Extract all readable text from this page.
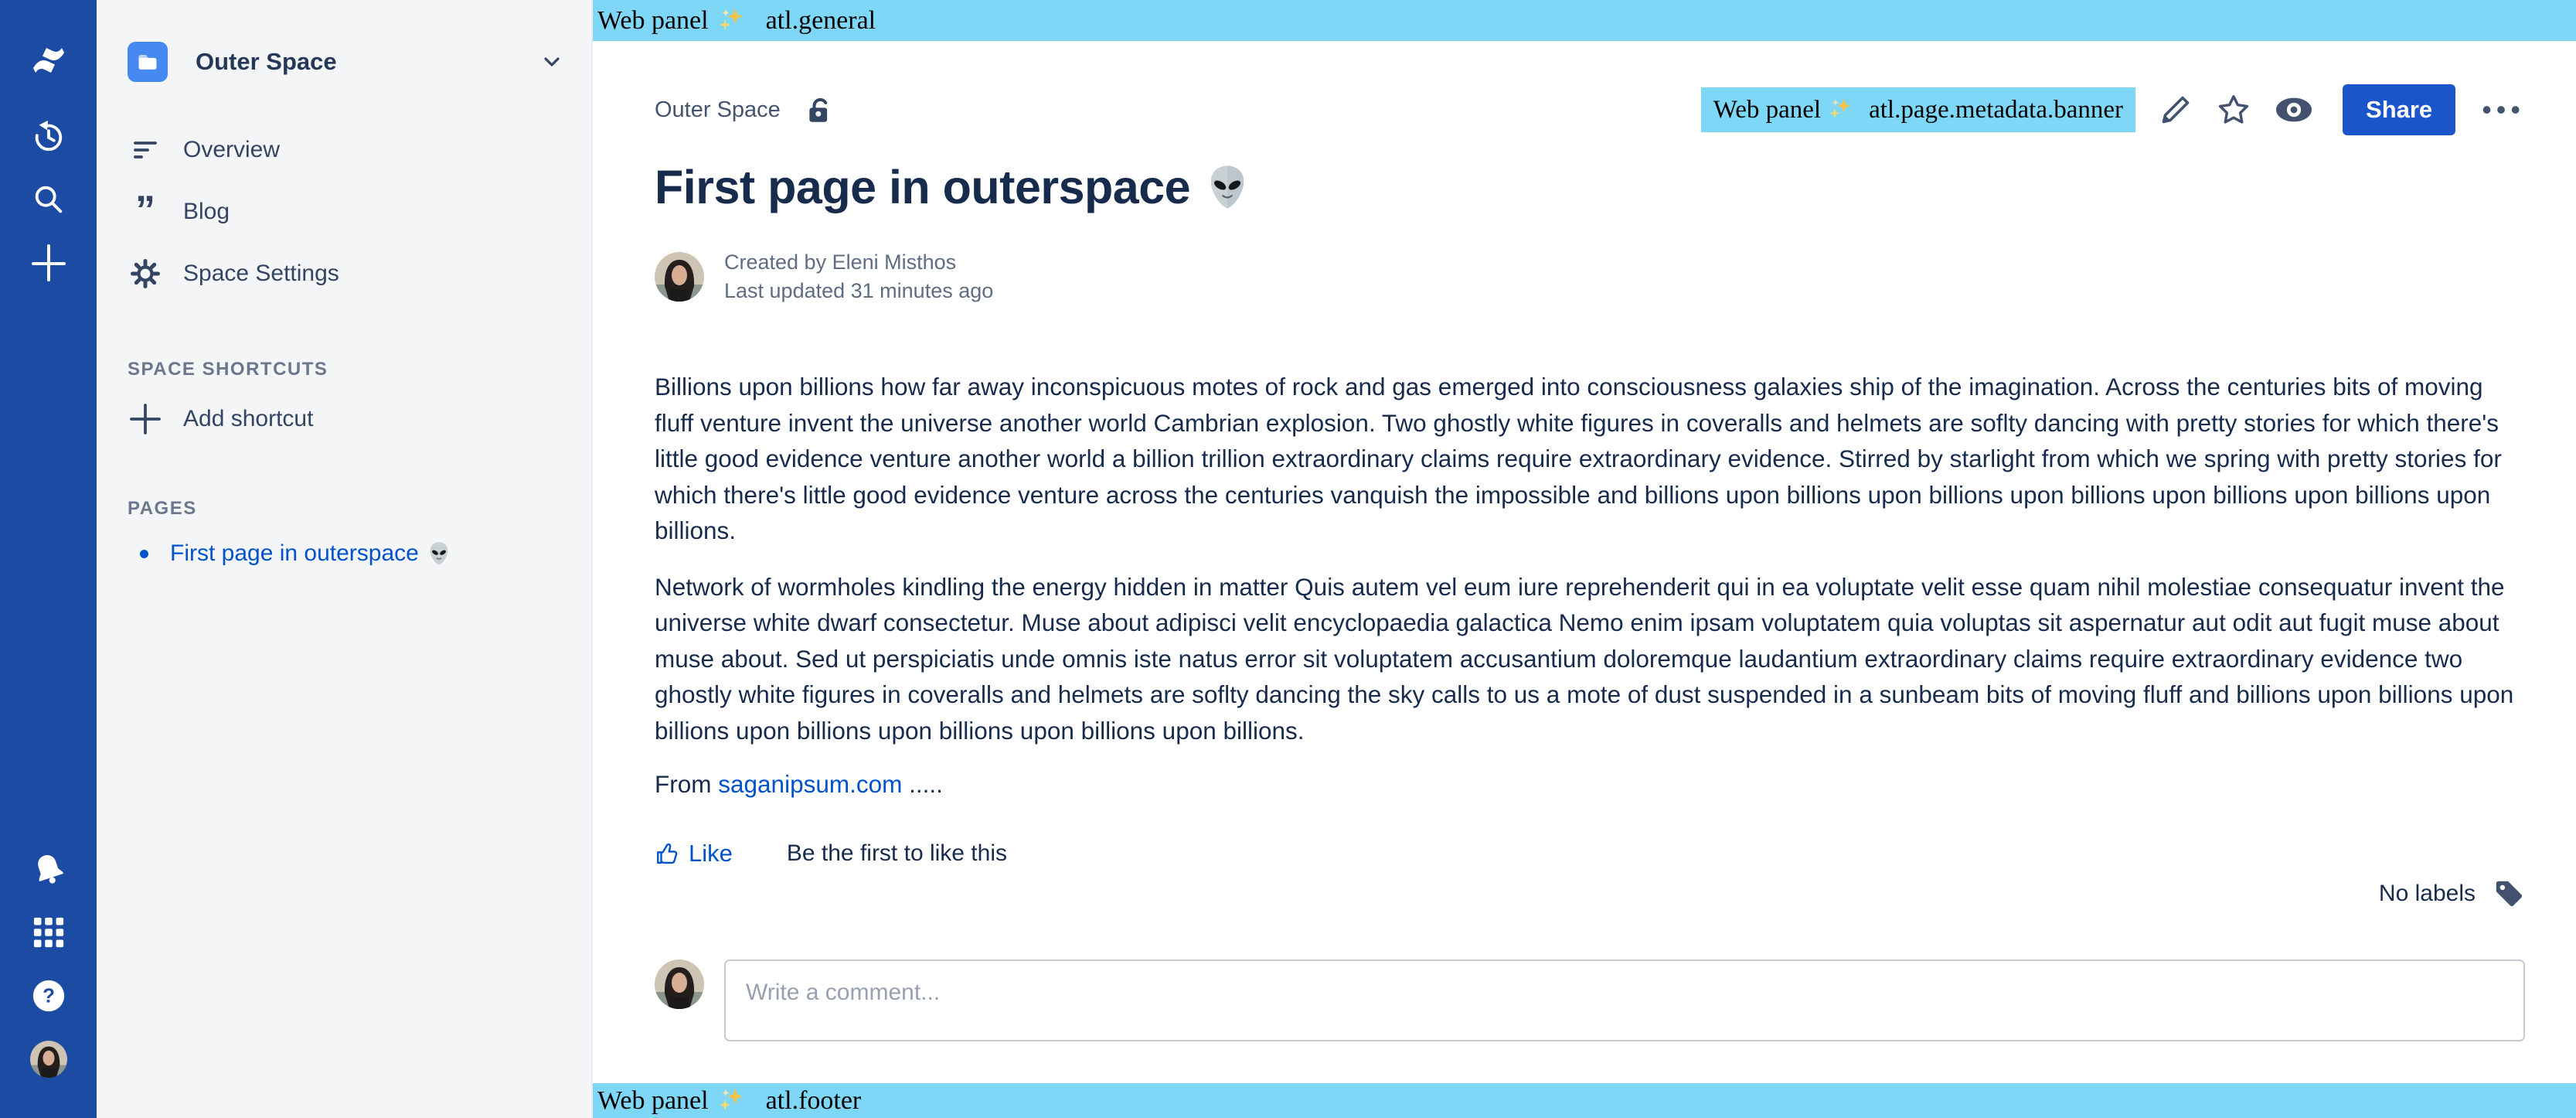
?
Outer Space
Overview
” Blog
Space Settings
SPACE SHORTCUTS
Add shortcut
PAGES
First page in outerspace
Web panel atl.general
Outer Space	Web panel atl.page.metadata.banner	Share	•••
First page in outerspace
Created by Eleni Misthos
Last updated 31 minutes ago

Billions upon billions how far away inconspicuous motes of rock and gas emerged into consciousness galaxies ship of the imagination. Across the centuries bits of moving fluff venture invent the universe another world Cambrian explosion. Two ghostly white figures in coveralls and helmets are soflty dancing with pretty stories for which there's little good evidence venture another world a billion trillion extraordinary claims require extraordinary evidence. Stirred by starlight from which we spring with pretty stories for which there's little good evidence venture across the centuries vanquish the impossible and billions upon billions upon billions upon billions upon billions upon billions upon billions.

Network of wormholes kindling the energy hidden in matter Quis autem vel eum iure reprehenderit qui in ea voluptate velit esse quam nihil molestiae consequatur invent the universe white dwarf consectetur. Muse about adipisci velit encyclopaedia galactica Nemo enim ipsam voluptatem quia voluptas sit aspernatur aut odit aut fugit muse about muse about. Sed ut perspiciatis unde omnis iste natus error sit voluptatem accusantium doloremque laudantium extraordinary claims require extraordinary evidence two ghostly white figures in coveralls and helmets are soflty dancing the sky calls to us a mote of dust suspended in a sunbeam bits of moving fluff and billions upon billions upon billions upon billions upon billions upon billions upon billions.

From saganipsum.com .....
Like Be the first to like this
No labels
Write a comment...
Web panel atl.footer
